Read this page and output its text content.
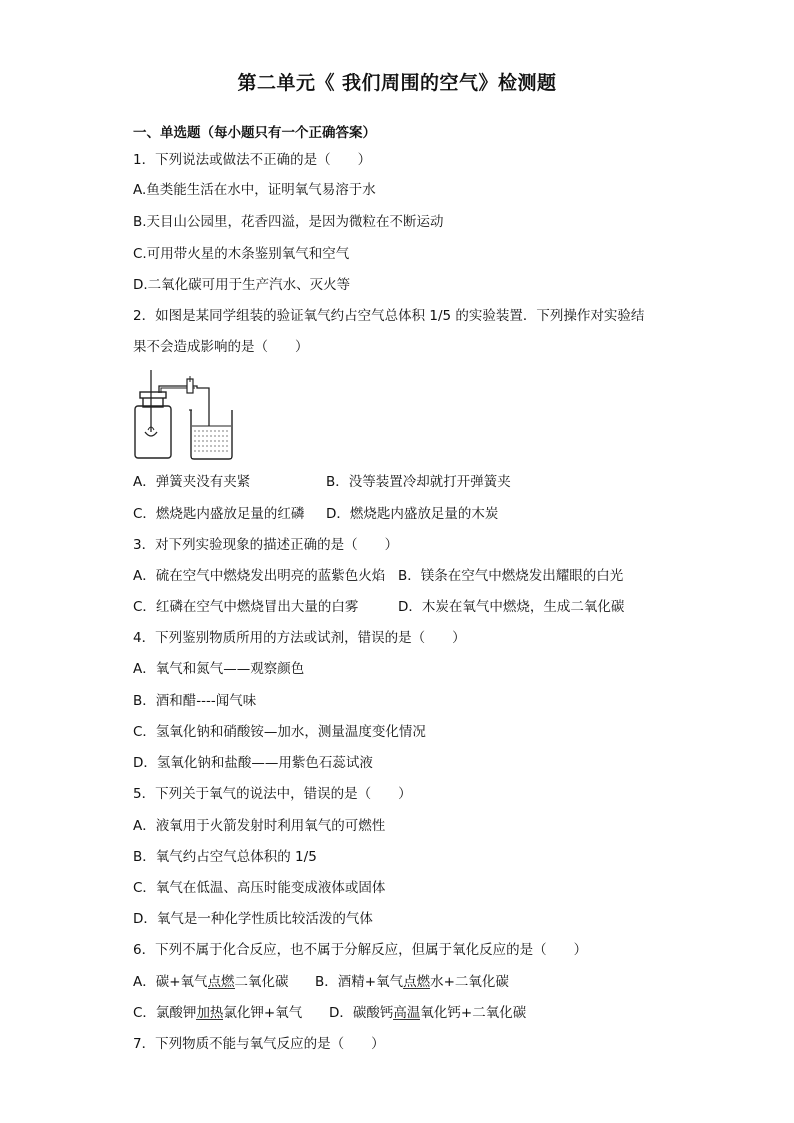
第二单元《 我们周围的空气》检测题
一、单选题（每小题只有一个正确答案）
1．下列说法或做法不正确的是（　　）
A.鱼类能生活在水中，证明氧气易溶于水
B.天目山公园里，花香四溢，是因为微粒在不断运动
C.可用带火星的木条鉴别氧气和空气
D.二氧化碳可用于生产汽水、灭火等
2．如图是某同学组装的验证氧气约占空气总体积 1/5 的实验装置．下列操作对实验结
果不会造成影响的是（　　）
A．弹簧夹没有夹紧	B．没等装置冷却就打开弹簧夹
C．燃烧匙内盛放足量的红磷 D．燃烧匙内盛放足量的木炭
3．对下列实验现象的描述正确的是（　　）
A．硫在空气中燃烧发出明亮的蓝紫色火焰 B．镁条在空气中燃烧发出耀眼的白光
C．红磷在空气中燃烧冒出大量的白雾	D．木炭在氧气中燃烧，生成二氧化碳
4．下列鉴别物质所用的方法或试剂，错误的是（　　）
A．氧气和氮气——观察颜色
B．酒和醋----闻气味
C．氢氧化钠和硝酸铵—加水，测量温度变化情况
D．氢氧化钠和盐酸——用紫色石蕊试液
5．下列关于氧气的说法中，错误的是（　　）
A．液氧用于火箭发射时利用氧气的可燃性
B．氧气约占空气总体积的 1/5
C．氧气在低温、高压时能变成液体或固体
D．氧气是一种化学性质比较活泼的气体
6．下列不属于化合反应，也不属于分解反应，但属于氧化反应的是（　　）
A．碳+氧气点燃二氧化碳 B．酒精+氧气点燃水+二氧化碳
C．氯酸钾加热氯化钾+氧气 D．碳酸钙高温氧化钙+二氧化碳
7．下列物质不能与氧气反应的是（　　）
